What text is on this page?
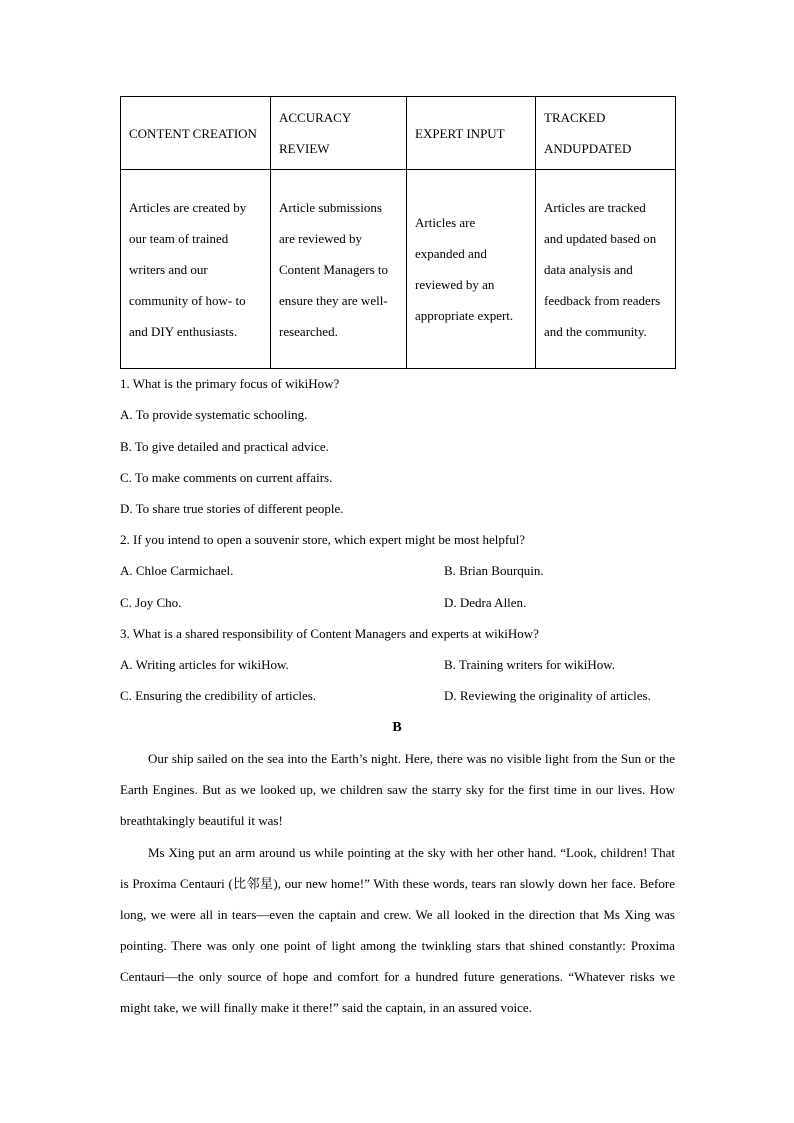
CONTENT CREATION	ACCURACY REVIEW	EXPERT INPUT	TRACKED ANDUPDATED

Articles are created by our team of trained writers and our community of how- to and DIY enthusiasts.	Article submissions are reviewed by Content Managers to ensure they are well-researched.	Articles are expanded and reviewed by an appropriate expert.	Articles are tracked and updated based on data analysis and feedback from readers and the community.
1. What is the primary focus of wikiHow?
A. To provide systematic schooling.
B. To give detailed and practical advice.
C. To make comments on current affairs.
D. To share true stories of different people.
2. If you intend to open a souvenir store, which expert might be most helpful?
A. Chloe Carmichael.	B. Brian Bourquin.
C. Joy Cho.	D. Dedra Allen.
3. What is a shared responsibility of Content Managers and experts at wikiHow?
A. Writing articles for wikiHow.	B. Training writers for wikiHow.
C. Ensuring the credibility of articles.	D. Reviewing the originality of articles.
B

Our ship sailed on the sea into the Earth’s night. Here, there was no visible light from the Sun or the Earth Engines. But as we looked up, we children saw the starry sky for the first time in our lives. How breathtakingly beautiful it was!

Ms Xing put an arm around us while pointing at the sky with her other hand. “Look, children! That is Proxima Centauri (比邻星), our new home!” With these words, tears ran slowly down her face. Before long, we were all in tears—even the captain and crew. We all looked in the direction that Ms Xing was pointing. There was only one point of light among the twinkling stars that shined constantly: Proxima Centauri—the only source of hope and comfort for a hundred future generations. “Whatever risks we might take, we will finally make it there!” said the captain, in an assured voice.
